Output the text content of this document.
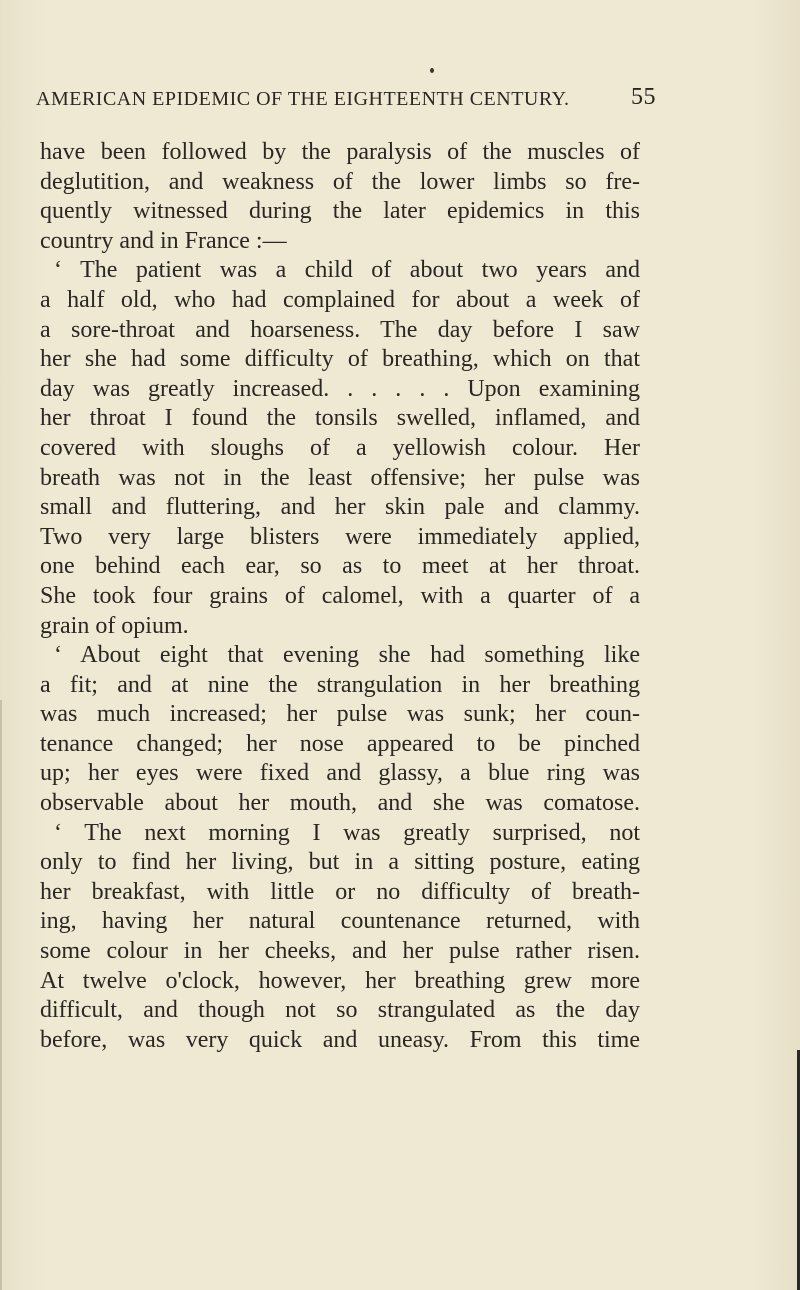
AMERICAN EPIDEMIC OF THE EIGHTEENTH CENTURY.	55
have been followed by the paralysis of the muscles of
deglutition, and weakness of the lower limbs so fre-
quently witnessed during the later epidemics in this
country and in France :—
‘ The patient was a child of about two years and
a half old, who had complained for about a week of
a sore-throat and hoarseness. The day before I saw
her she had some difficulty of breathing, which on that
day was greatly increased. . . . . . Upon examining
her throat I found the tonsils swelled, inflamed, and
covered with sloughs of a yellowish colour. Her
breath was not in the least offensive; her pulse was
small and fluttering, and her skin pale and clammy.
Two very large blisters were immediately applied,
one behind each ear, so as to meet at her throat.
She took four grains of calomel, with a quarter of a
grain of opium.
‘ About eight that evening she had something like
a fit; and at nine the strangulation in her breathing
was much increased; her pulse was sunk; her coun-
tenance changed; her nose appeared to be pinched
up; her eyes were fixed and glassy, a blue ring was
observable about her mouth, and she was comatose.
‘ The next morning I was greatly surprised, not
only to find her living, but in a sitting posture, eating
her breakfast, with little or no difficulty of breath-
ing, having her natural countenance returned, with
some colour in her cheeks, and her pulse rather risen.
At twelve o'clock, however, her breathing grew more
difficult, and though not so strangulated as the day
before, was very quick and uneasy. From this time
